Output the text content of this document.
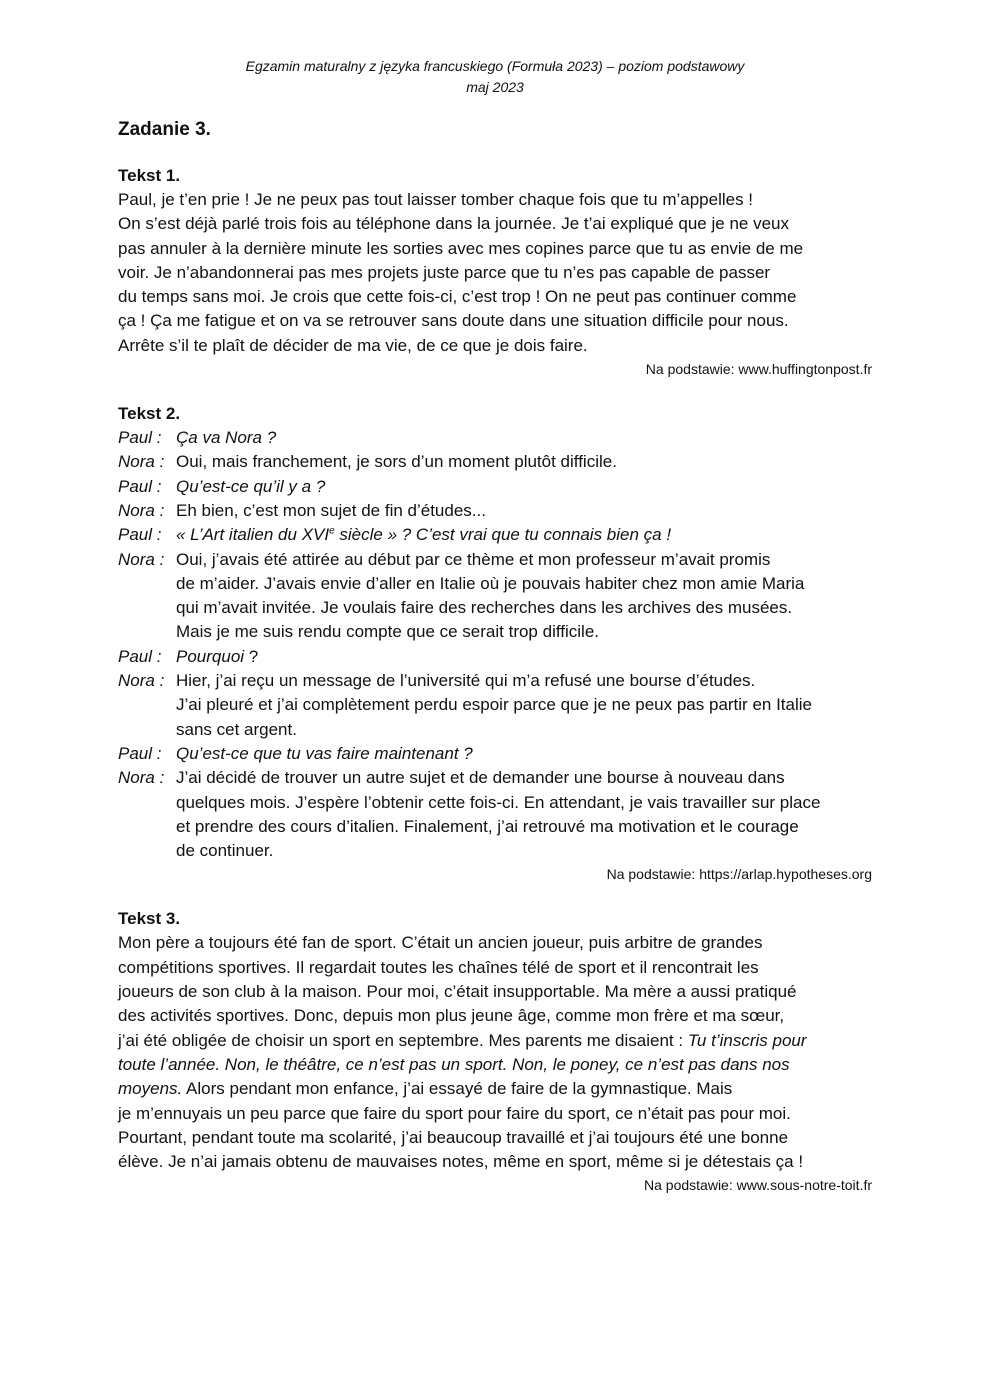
Egzamin maturalny z języka francuskiego (Formuła 2023) – poziom podstawowy
maj 2023
Zadanie 3.
Tekst 1.

Paul, je t’en prie ! Je ne peux pas tout laisser tomber chaque fois que tu m’appelles !

On s’est déjà parlé trois fois au téléphone dans la journée. Je t’ai expliqué que je ne veux

pas annuler à la dernière minute les sorties avec mes copines parce que tu as envie de me

voir. Je n’abandonnerai pas mes projets juste parce que tu n’es pas capable de passer

du temps sans moi. Je crois que cette fois-ci, c’est trop ! On ne peut pas continuer comme

ça ! Ça me fatigue et on va se retrouver sans doute dans une situation difficile pour nous.

Arrête s’il te plaît de décider de ma vie, de ce que je dois faire.

Na podstawie: www.huffingtonpost.fr
Tekst 2.
Paul : Ça va Nora ?
Nora : Oui, mais franchement, je sors d’un moment plutôt difficile.
Paul : Qu’est-ce qu’il y a ?
Nora : Eh bien, c’est mon sujet de fin d’études...
Paul : « L’Art italien du XVIe siècle » ? C’est vrai que tu connais bien ça !
Nora : Oui, j’avais été attirée au début par ce thème et mon professeur m’avait promis
de m’aider. J’avais envie d’aller en Italie où je pouvais habiter chez mon amie Maria
qui m’avait invitée. Je voulais faire des recherches dans les archives des musées.
Mais je me suis rendu compte que ce serait trop difficile.
Paul : Pourquoi ?
Nora : Hier, j’ai reçu un message de l’université qui m’a refusé une bourse d’études.
J’ai pleuré et j’ai complètement perdu espoir parce que je ne peux pas partir en Italie
sans cet argent.
Paul : Qu’est-ce que tu vas faire maintenant ?
Nora : J’ai décidé de trouver un autre sujet et de demander une bourse à nouveau dans
quelques mois. J’espère l’obtenir cette fois-ci. En attendant, je vais travailler sur place
et prendre des cours d’italien. Finalement, j’ai retrouvé ma motivation et le courage
de continuer.
Na podstawie: https://arlap.hypotheses.org
Tekst 3.

Mon père a toujours été fan de sport. C’était un ancien joueur, puis arbitre de grandes

compétitions sportives. Il regardait toutes les chaînes télé de sport et il rencontrait les

joueurs de son club à la maison. Pour moi, c’était insupportable. Ma mère a aussi pratiqué

des activités sportives. Donc, depuis mon plus jeune âge, comme mon frère et ma sœur,

j’ai été obligée de choisir un sport en septembre. Mes parents me disaient : Tu t’inscris pour

toute l’année. Non, le théâtre, ce n’est pas un sport. Non, le poney, ce n’est pas dans nos

moyens. Alors pendant mon enfance, j’ai essayé de faire de la gymnastique. Mais

je m’ennuyais un peu parce que faire du sport pour faire du sport, ce n’était pas pour moi.

Pourtant, pendant toute ma scolarité, j’ai beaucoup travaillé et j’ai toujours été une bonne

élève. Je n’ai jamais obtenu de mauvaises notes, même en sport, même si je détestais ça !

Na podstawie: www.sous-notre-toit.fr
